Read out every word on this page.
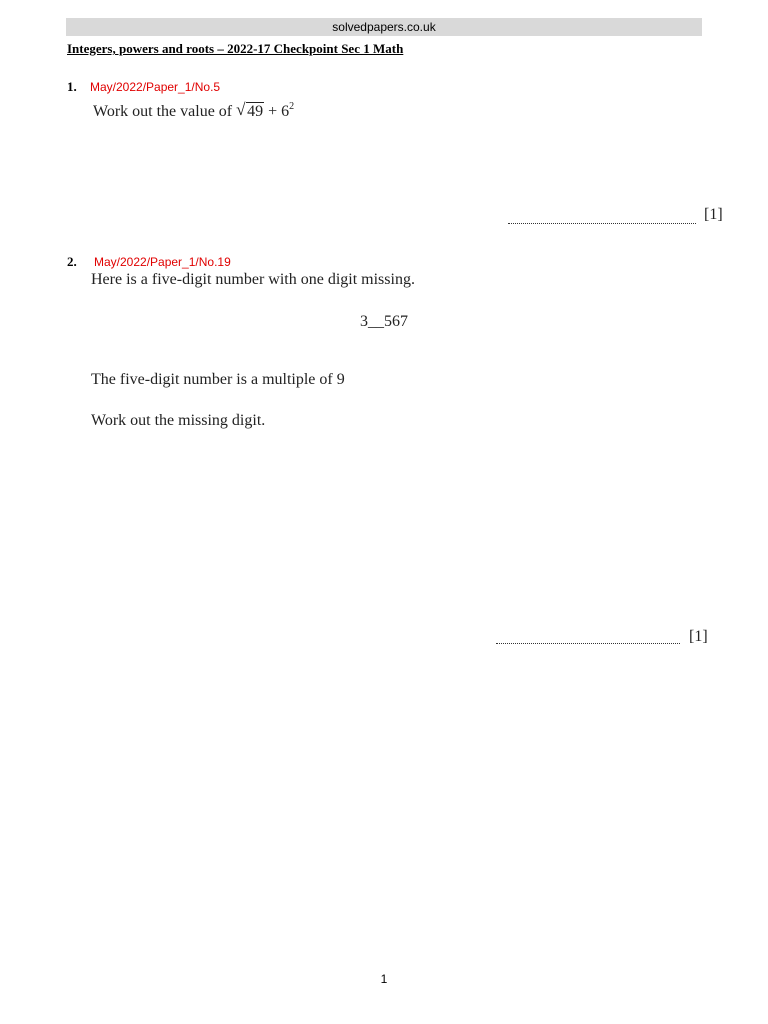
solvedpapers.co.uk
Integers, powers and roots – 2022-17 Checkpoint Sec 1 Math
1. May/2022/Paper_1/No.5
Work out the value of √ $49 + 6^2$
[1]
2. May/2022/Paper_1/No.19
Here is a five-digit number with one digit missing.
3__567
The five-digit number is a multiple of 9
Work out the missing digit.
[1]
1
